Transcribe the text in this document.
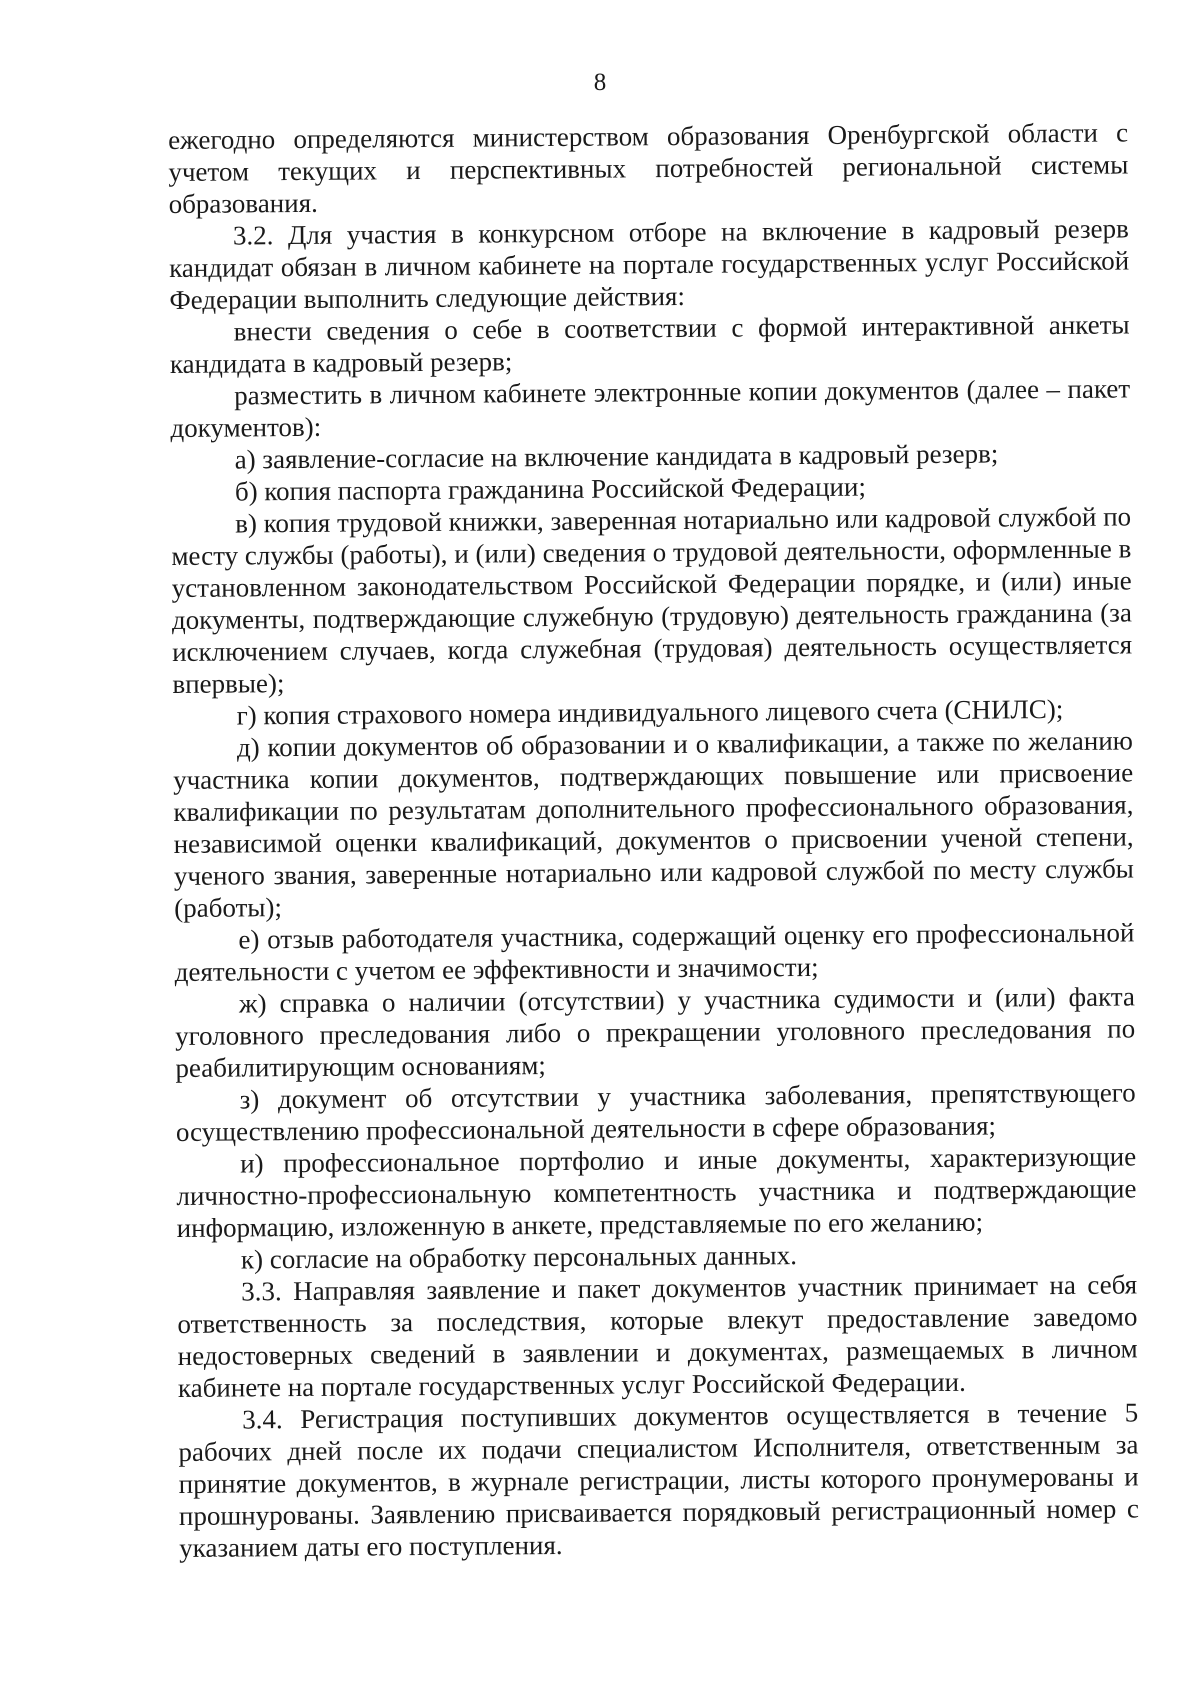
8

ежегодно определяются министерством образования Оренбургской области с учетом текущих и перспективных потребностей региональной системы образования.

3.2. Для участия в конкурсном отборе на включение в кадровый резерв кандидат обязан в личном кабинете на портале государственных услуг Российской Федерации выполнить следующие действия:

внести сведения о себе в соответствии с формой интерактивной анкеты кандидата в кадровый резерв;

разместить в личном кабинете электронные копии документов (далее – пакет документов):

а) заявление-согласие на включение кандидата в кадровый резерв;

б) копия паспорта гражданина Российской Федерации;

в) копия трудовой книжки, заверенная нотариально или кадровой службой по месту службы (работы), и (или) сведения о трудовой деятельности, оформленные в установленном законодательством Российской Федерации порядке, и (или) иные документы, подтверждающие служебную (трудовую) деятельность гражданина (за исключением случаев, когда служебная (трудовая) деятельность осуществляется впервые);

г) копия страхового номера индивидуального лицевого счета (СНИЛС);

д) копии документов об образовании и о квалификации, а также по желанию участника копии документов, подтверждающих повышение или присвоение квалификации по результатам дополнительного профессионального образования, независимой оценки квалификаций, документов о присвоении ученой степени, ученого звания, заверенные нотариально или кадровой службой по месту службы (работы);

е) отзыв работодателя участника, содержащий оценку его профессиональной деятельности с учетом ее эффективности и значимости;

ж) справка о наличии (отсутствии) у участника судимости и (или) факта уголовного преследования либо о прекращении уголовного преследования по реабилитирующим основаниям;

з) документ об отсутствии у участника заболевания, препятствующего осуществлению профессиональной деятельности в сфере образования;

и) профессиональное портфолио и иные документы, характеризующие личностно-профессиональную компетентность участника и подтверждающие информацию, изложенную в анкете, представляемые по его желанию;

к) согласие на обработку персональных данных.

3.3. Направляя заявление и пакет документов участник принимает на себя ответственность за последствия, которые влекут предоставление заведомо недостоверных сведений в заявлении и документах, размещаемых в личном кабинете на портале государственных услуг Российской Федерации.

3.4. Регистрация поступивших документов осуществляется в течение 5 рабочих дней после их подачи специалистом Исполнителя, ответственным за принятие документов, в журнале регистрации, листы которого пронумерованы и прошнурованы. Заявлению присваивается порядковый регистрационный номер с указанием даты его поступления.
